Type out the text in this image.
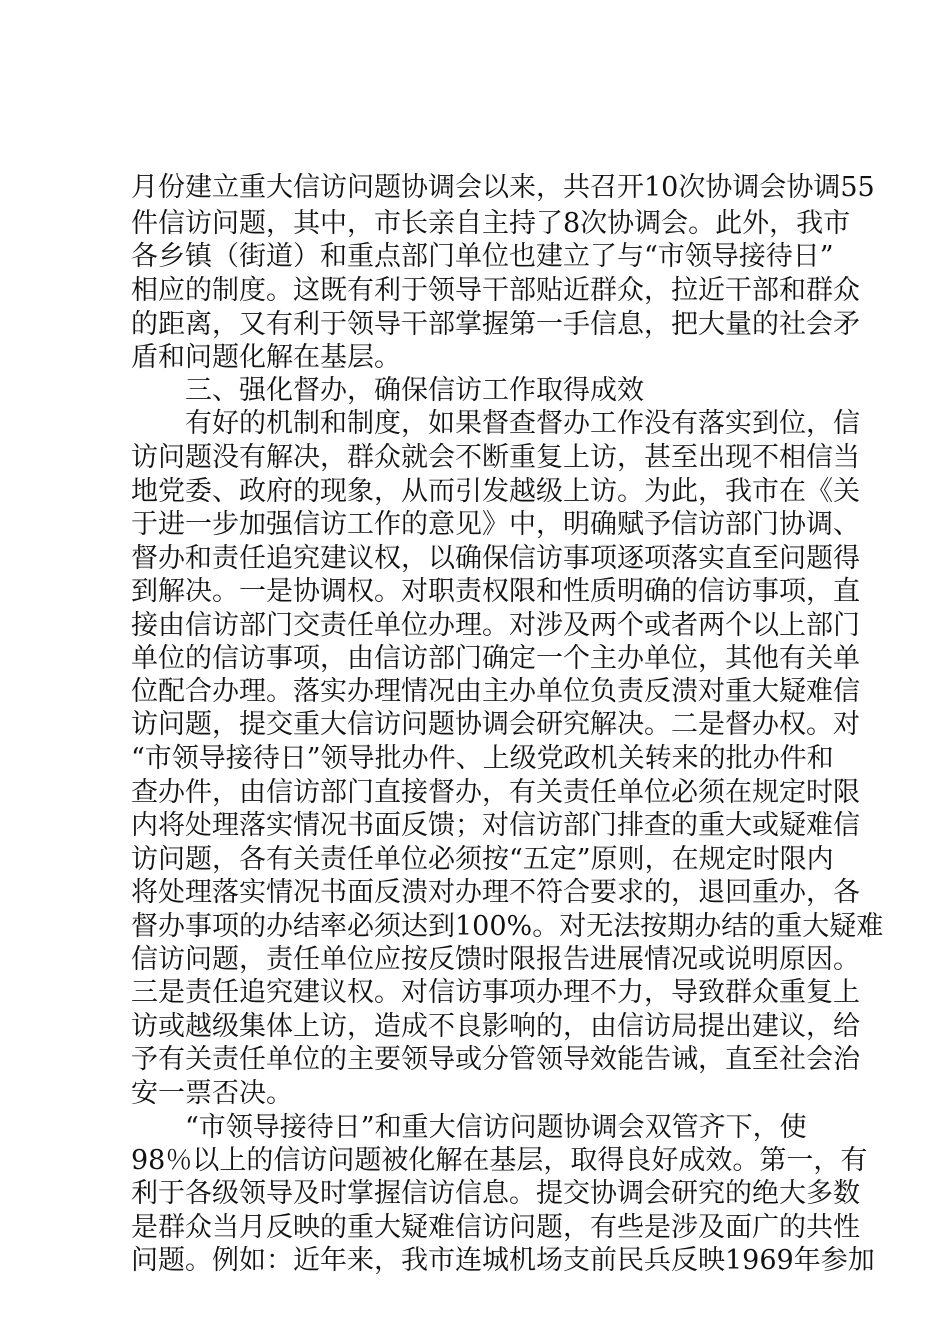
月份建立重大信访问题协调会以来，共召开10次协调会协调55
件信访问题，其中，市长亲自主持了8次协调会。此外，我市
各乡镇（街道）和重点部门单位也建立了与“市领导接待日”
相应的制度。这既有利于领导干部贴近群众，拉近干部和群众
的距离，又有利于领导干部掌握第一手信息，把大量的社会矛
盾和问题化解在基层。
三、强化督办，确保信访工作取得成效
有好的机制和制度，如果督查督办工作没有落实到位，信
访问题没有解决，群众就会不断重复上访，甚至出现不相信当
地党委、政府的现象，从而引发越级上访。为此，我市在《关
于进一步加强信访工作的意见》中，明确赋予信访部门协调、
督办和责任追究建议权，以确保信访事项逐项落实直至问题得
到解决。一是协调权。对职责权限和性质明确的信访事项，直
接由信访部门交责任单位办理。对涉及两个或者两个以上部门
单位的信访事项，由信访部门确定一个主办单位，其他有关单
位配合办理。落实办理情况由主办单位负责反溃对重大疑难信
访问题，提交重大信访问题协调会研究解决。二是督办权。对
“市领导接待日”领导批办件、上级党政机关转来的批办件和
查办件，由信访部门直接督办，有关责任单位必须在规定时限
内将处理落实情况书面反馈；对信访部门排查的重大或疑难信
访问题，各有关责任单位必须按“五定”原则，在规定时限内
将处理落实情况书面反溃对办理不符合要求的，退回重办，各
督办事项的办结率必须达到100%。对无法按期办结的重大疑难
信访问题，责任单位应按反馈时限报告进展情况或说明原因。
三是责任追究建议权。对信访事项办理不力，导致群众重复上
访或越级集体上访，造成不良影响的，由信访局提出建议，给
予有关责任单位的主要领导或分管领导效能告诫，直至社会治
安一票否决。
“市领导接待日”和重大信访问题协调会双管齐下，使
98％以上的信访问题被化解在基层，取得良好成效。第一，有
利于各级领导及时掌握信访信息。提交协调会研究的绝大多数
是群众当月反映的重大疑难信访问题，有些是涉及面广的共性
问题。例如：近年来，我市连城机场支前民兵反映1969年参加
